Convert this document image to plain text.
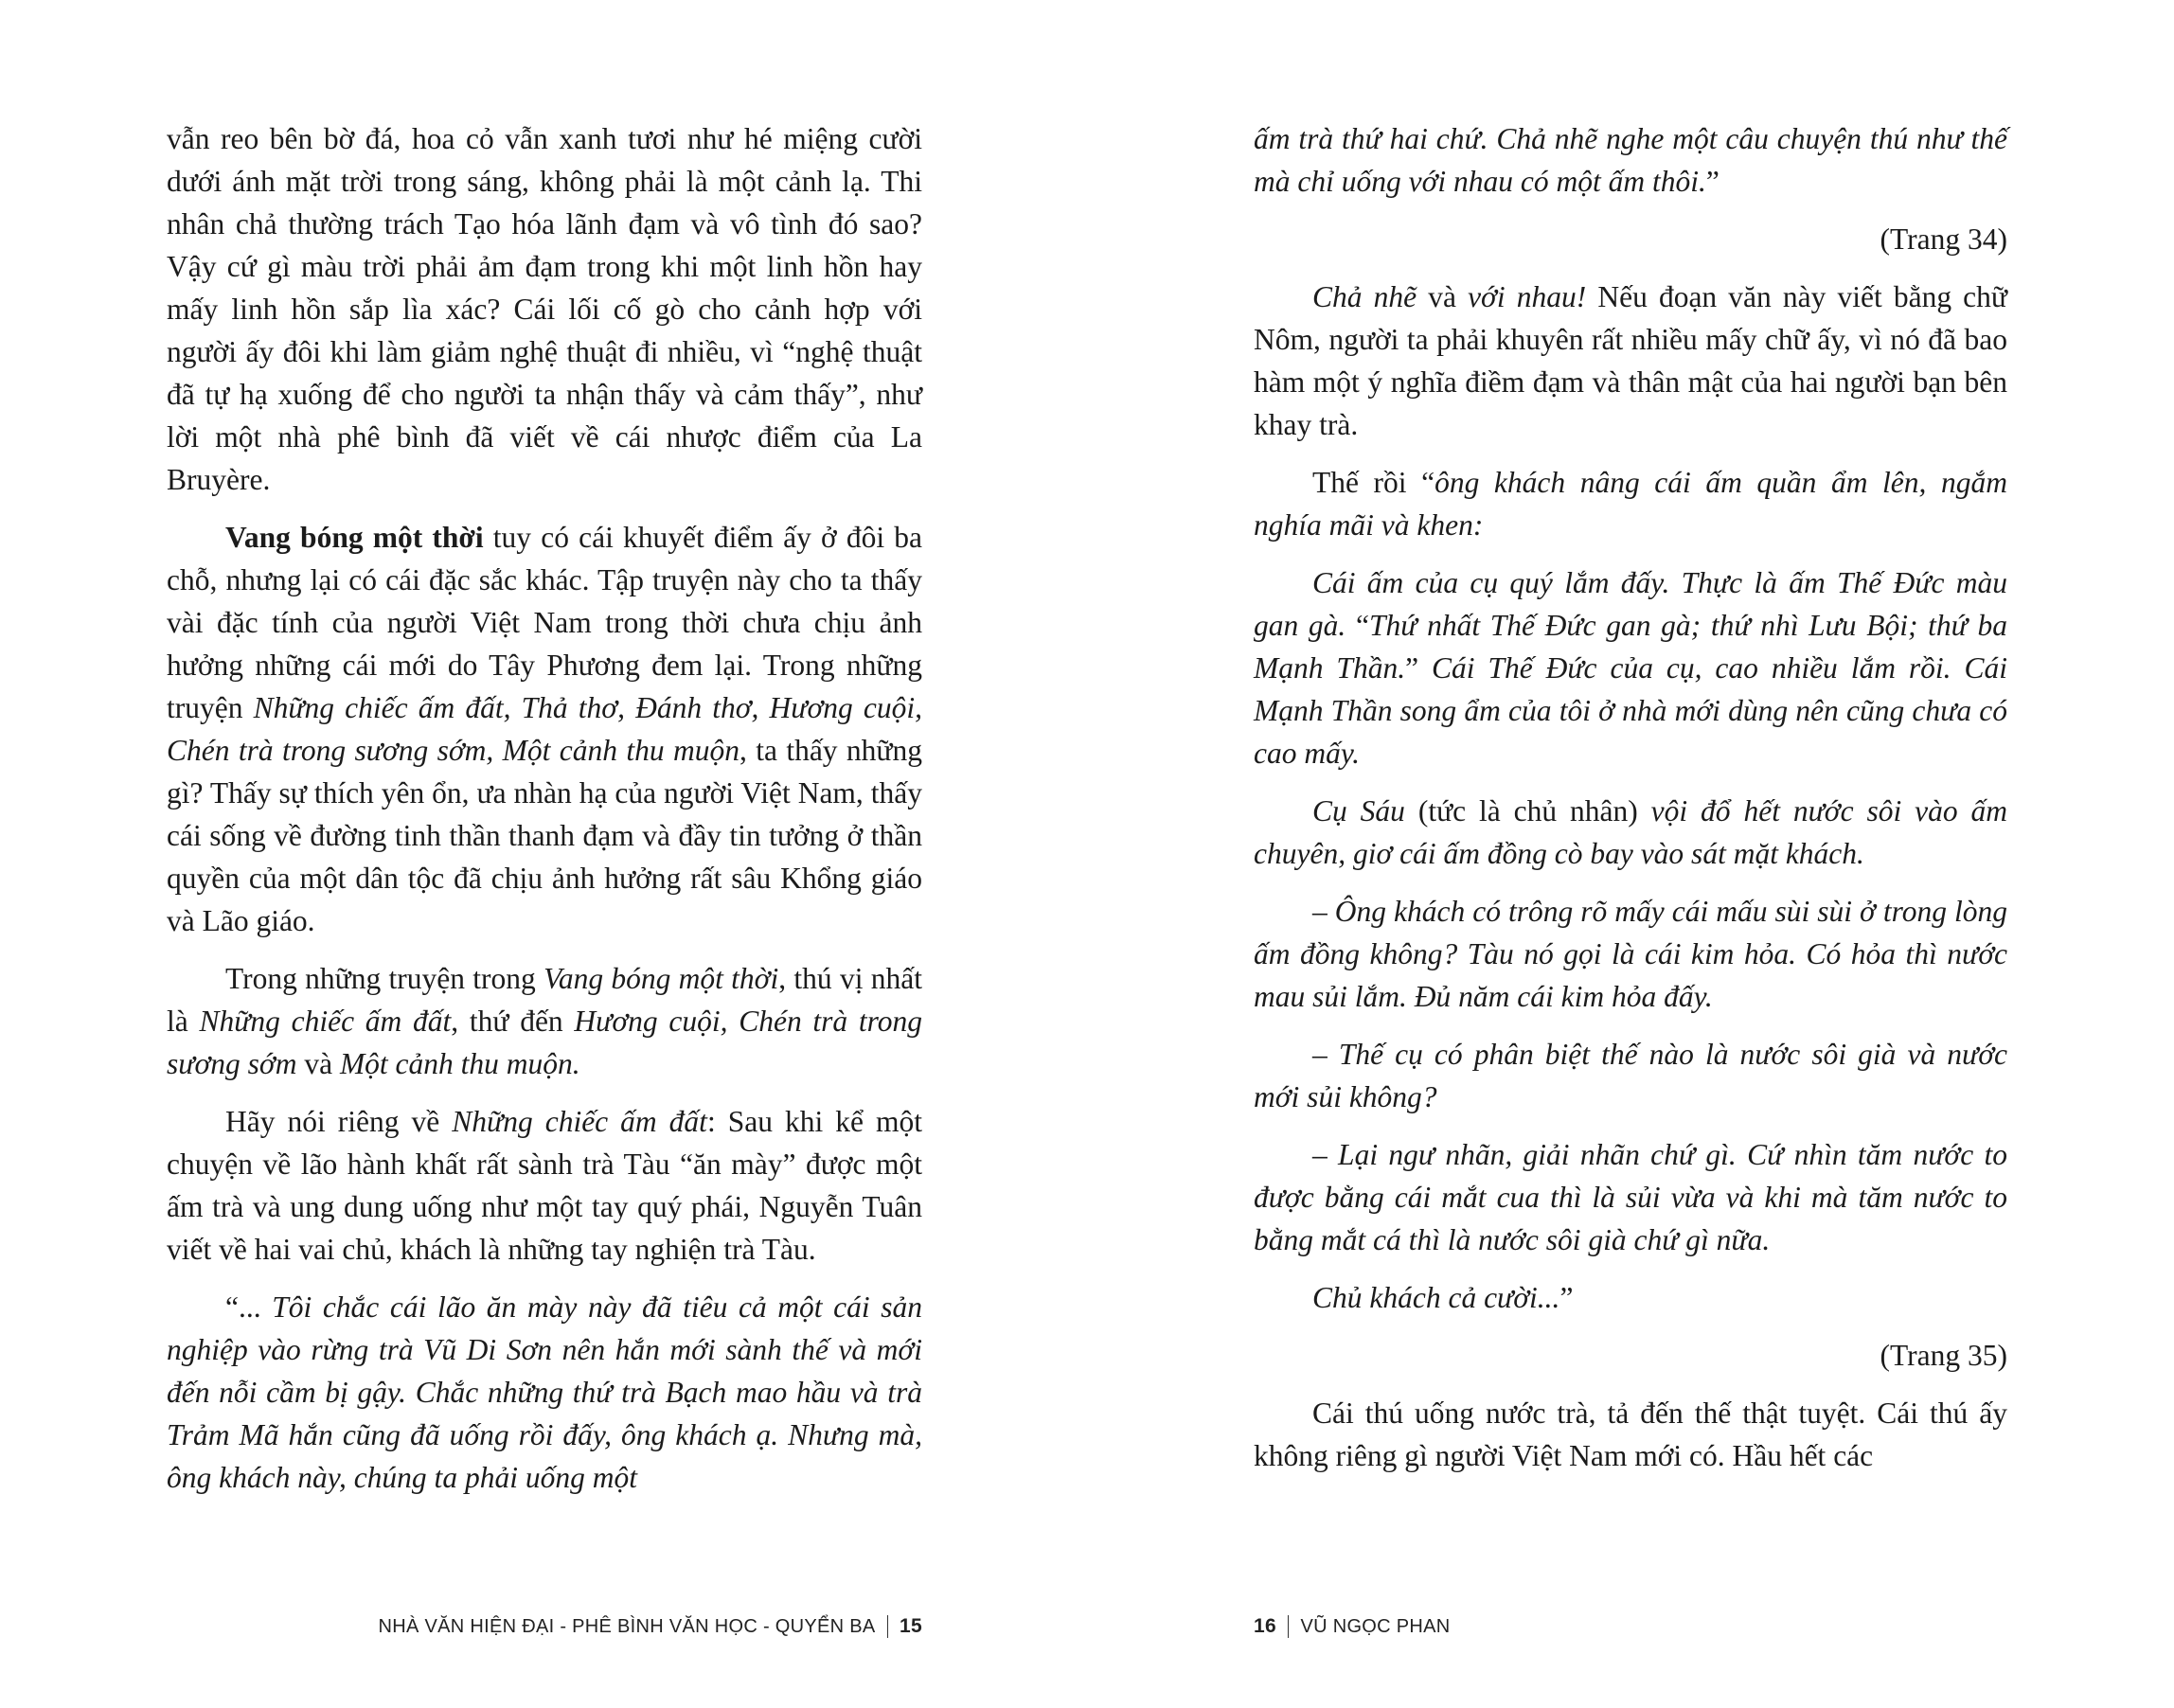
vẫn reo bên bờ đá, hoa cỏ vẫn xanh tươi như hé miệng cười dưới ánh mặt trời trong sáng, không phải là một cảnh lạ. Thi nhân chả thường trách Tạo hóa lãnh đạm và vô tình đó sao? Vậy cứ gì màu trời phải ảm đạm trong khi một linh hồn hay mấy linh hồn sắp lìa xác? Cái lối cố gò cho cảnh hợp với người ấy đôi khi làm giảm nghệ thuật đi nhiều, vì “nghệ thuật đã tự hạ xuống để cho người ta nhận thấy và cảm thấy”, như lời một nhà phê bình đã viết về cái nhược điểm của La Bruyère.

Vang bóng một thời tuy có cái khuyết điểm ấy ở đôi ba chỗ, nhưng lại có cái đặc sắc khác. Tập truyện này cho ta thấy vài đặc tính của người Việt Nam trong thời chưa chịu ảnh hưởng những cái mới do Tây Phương đem lại. Trong những truyện Những chiếc ấm đất, Thả thơ, Đánh thơ, Hương cuội, Chén trà trong sương sớm, Một cảnh thu muộn, ta thấy những gì? Thấy sự thích yên ổn, ưa nhàn hạ của người Việt Nam, thấy cái sống về đường tinh thần thanh đạm và đầy tin tưởng ở thần quyền của một dân tộc đã chịu ảnh hưởng rất sâu Khổng giáo và Lão giáo.

Trong những truyện trong Vang bóng một thời, thú vị nhất là Những chiếc ấm đất, thứ đến Hương cuội, Chén trà trong sương sớm và Một cảnh thu muộn.

Hãy nói riêng về Những chiếc ấm đất: Sau khi kể một chuyện về lão hành khất rất sành trà Tàu “ăn mày” được một ấm trà và ung dung uống như một tay quý phái, Nguyễn Tuân viết về hai vai chủ, khách là những tay nghiện trà Tàu.

“... Tôi chắc cái lão ăn mày này đã tiêu cả một cái sản nghiệp vào rừng trà Vũ Di Sơn nên hắn mới sành thế và mới đến nỗi cầm bị gậy. Chắc những thứ trà Bạch mao hầu và trà Trảm Mã hắn cũng đã uống rồi đấy, ông khách ạ. Nhưng mà, ông khách này, chúng ta phải uống một

NHÀ VĂN HIỆN ĐẠI - PHÊ BÌNH VĂN HỌC - QUYỂN BA 15

ấm trà thứ hai chứ. Chả nhẽ nghe một câu chuyện thú như thế mà chỉ uống với nhau có một ấm thôi.”

(Trang 34)

Chả nhẽ và với nhau! Nếu đoạn văn này viết bằng chữ Nôm, người ta phải khuyên rất nhiều mấy chữ ấy, vì nó đã bao hàm một ý nghĩa điềm đạm và thân mật của hai người bạn bên khay trà.

Thế rồi “ông khách nâng cái ấm quần ẩm lên, ngắm nghía mãi và khen:

Cái ấm của cụ quý lắm đấy. Thực là ấm Thế Đức màu gan gà. “Thứ nhất Thế Đức gan gà; thứ nhì Lưu Bội; thứ ba Mạnh Thần.” Cái Thế Đức của cụ, cao nhiều lắm rồi. Cái Mạnh Thần song ẩm của tôi ở nhà mới dùng nên cũng chưa có cao mấy.

Cụ Sáu (tức là chủ nhân) vội đổ hết nước sôi vào ấm chuyên, giơ cái ấm đồng cò bay vào sát mặt khách.

– Ông khách có trông rõ mấy cái mấu sùi sùi ở trong lòng ấm đồng không? Tàu nó gọi là cái kim hỏa. Có hỏa thì nước mau sủi lắm. Đủ năm cái kim hỏa đấy.

– Thế cụ có phân biệt thế nào là nước sôi già và nước mới sủi không?

– Lại ngư nhãn, giải nhãn chứ gì. Cứ nhìn tăm nước to được bằng cái mắt cua thì là sủi vừa và khi mà tăm nước to bằng mắt cá thì là nước sôi già chứ gì nữa.

Chủ khách cả cười...”

(Trang 35)

Cái thú uống nước trà, tả đến thế thật tuyệt. Cái thú ấy không riêng gì người Việt Nam mới có. Hầu hết các

16 VŨ NGỌC PHAN
